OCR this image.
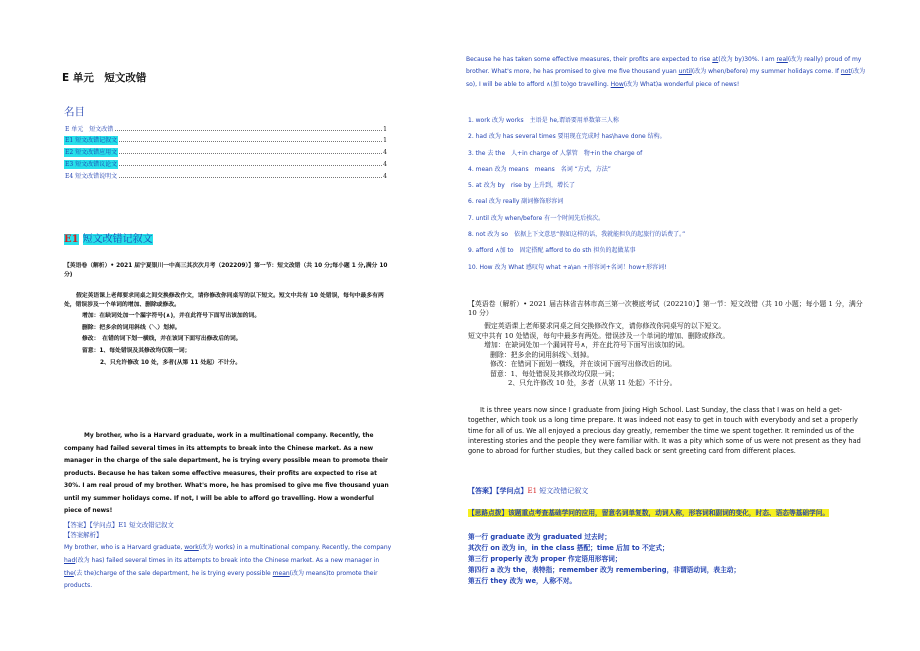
E 单元　短文改错
名目
E 单元　短文改错	1
E1 短文改错记叙文	1
E2 短文改错应用文	4
E3 短文改错议论文	4
E4 短文改错说明文	4
E1 短文改错记叙文
【英语卷（解析）• 2021 届宁夏银川一中高三其次次月考（202209）】第一节：短文改错（共 10 分;每小题 1 分,满分 10 分)
假定英语课上老师要求同桌之间交换修改作文，请你修改你同桌写的以下短文。短文中共有 10 处错误，每句中最多有两处，错误涉及一个单词的增加、删除或修改。
增加：在缺词处加一个漏字符号(∧)，并在此符号下面写出该加的词。
删除：把多余的词用斜线（＼）划掉。
修改：　在错的词下划一横线，并在该词下面写出修改后的词。
留意：1、每处错误及其修改均仅限一词；
2、只允许修改 10 处，多者(从第 11 处起）不计分。
My brother, who is a Harvard graduate, work in a multinational company. Recently, the company had failed several times in its attempts to break into the Chinese market. As a new manager in the charge of the sale department, he is trying every possible mean to promote their products. Because he has taken some effective measures, their profits are expected to rise at 30%. I am real proud of my brother. What's more, he has promised to give me five thousand yuan until my summer holidays come. If not, I will be able to afford go travelling. How a wonderful piece of news!
【答案】【学问点】E1 短文改错记叙文
【答案解析】
My brother, who is a Harvard graduate, work(改为 works) in a multinational company. Recently, the company had(改为 has) failed several times in its attempts to break into the Chinese market. As a new manager in the(去 the)charge of the sale department, he is trying every possible mean(改为 means)to promote their products.
Because he has taken some effective measures, their profits are expected to rise at(改为 by)30%. I am real(改为 really) proud of my brother. What's more, he has promised to give me five thousand yuan until(改为 when/before) my summer holidays come. If not(改为 so), I will be able to afford ∧(加 to)go travelling. How(改为 What)a wonderful piece of news!
1. work 改为 works　主语是 he,谓语要用单数第三人称
2. had 改为 has several times 要用现在完成时 has\have done 结构。
3. the 去 the　人+in charge of 人掌管　物+in the charge of
4. mean 改为 means　means　名词 “方式，方法”
5. at 改为 by　rise by 上升到，增长了
6. real 改为 really 副词修饰形容词
7. until 改为 when/before 有一个时间先后挨次。
8. not 改为 so　依据上下文意思“假如这样的话，我就能担负的起旅行的话费了。”
9. afford ∧加 to　固定搭配 afford to do sth 担负的起做某事
10. How 改为 What 感叹句 what +a\an +形容词+名词！how+形容词!
【英语卷（解析）• 2021 届吉林省吉林市高三第一次模底考试（202210）】第一节：短文改错（共 10 小题；每小题 1 分，满分 10 分）
假定英语课上老师要求同桌之间交换修改作文，请你修改你同桌写的以下短文。
短文中共有 10 处错误，每句中最多有两处。错误涉及一个单词的增加、删除或修改。
增加：在缺词处加一个漏词符号∧，并在此符号下面写出该加的词。
删除：把多余的词用斜线＼划掉。
修改：在错词下面划一横线，并在该词下面写出修改后的词。
留意：1、每处错误及其修改均仅限一词；
2、只允许修改 10 处，多者（从第 11 处起）不计分。
It is three years now since I graduate from Jixing High School. Last Sunday, the class that I was on held a get-together, which took us a long time prepare. It was indeed not easy to get in touch with everybody and set a properly time for all of us. We all enjoyed a precious day greatly, remember the time we spent together. It reminded us of the interesting stories and the people they were familiar with. It was a pity which some of us were not present as they had gone to abroad for further studies, but they called back or sent greeting card from different places.
【答案】【学问点】E1 短文改错记叙文
【思路点拨】该题重点考查基础学问的应用，留意名词单复数，动词人称，形容词和副词的变化，时态、语态等基础学问。
第一行 graduate 改为 graduated 过去时；
其次行 on 改为 in，in the class 搭配；time 后加 to 不定式；
第三行 properly 改为 proper 作定语用形容词；
第四行 a 改为 the，表特指；remember 改为 remembering，非谓语动词，表主动；
第五行 they 改为 we，人称不对。
